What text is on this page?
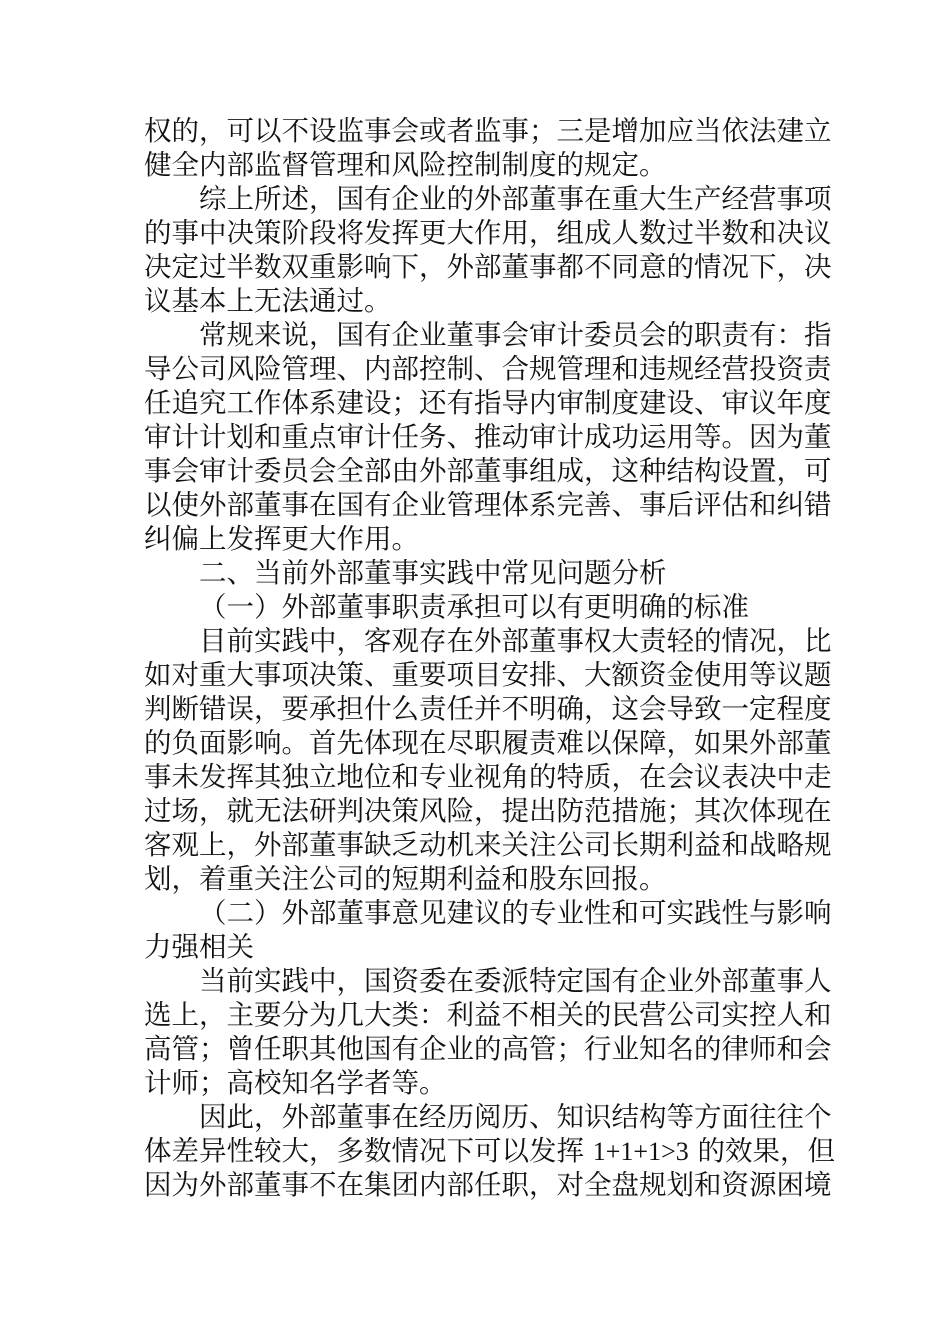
权的，可以不设监事会或者监事；三是增加应当依法建立
健全内部监督管理和风险控制制度的规定。
综上所述，国有企业的外部董事在重大生产经营事项
的事中决策阶段将发挥更大作用，组成人数过半数和决议
决定过半数双重影响下，外部董事都不同意的情况下，决
议基本上无法通过。
常规来说，国有企业董事会审计委员会的职责有：指
导公司风险管理、内部控制、合规管理和违规经营投资责
任追究工作体系建设；还有指导内审制度建设、审议年度
审计计划和重点审计任务、推动审计成功运用等。因为董
事会审计委员会全部由外部董事组成，这种结构设置，可
以使外部董事在国有企业管理体系完善、事后评估和纠错
纠偏上发挥更大作用。
二、当前外部董事实践中常见问题分析
（一）外部董事职责承担可以有更明确的标准
目前实践中，客观存在外部董事权大责轻的情况，比
如对重大事项决策、重要项目安排、大额资金使用等议题
判断错误，要承担什么责任并不明确，这会导致一定程度
的负面影响。首先体现在尽职履责难以保障，如果外部董
事未发挥其独立地位和专业视角的特质，在会议表决中走
过场，就无法研判决策风险，提出防范措施；其次体现在
客观上，外部董事缺乏动机来关注公司长期利益和战略规
划，着重关注公司的短期利益和股东回报。
（二）外部董事意见建议的专业性和可实践性与影响
力强相关
当前实践中，国资委在委派特定国有企业外部董事人
选上，主要分为几大类：利益不相关的民营公司实控人和
高管；曾任职其他国有企业的高管；行业知名的律师和会
计师；高校知名学者等。
因此，外部董事在经历阅历、知识结构等方面往往个
体差异性较大，多数情况下可以发挥 1+1+1>3 的效果，但
因为外部董事不在集团内部任职，对全盘规划和资源困境
